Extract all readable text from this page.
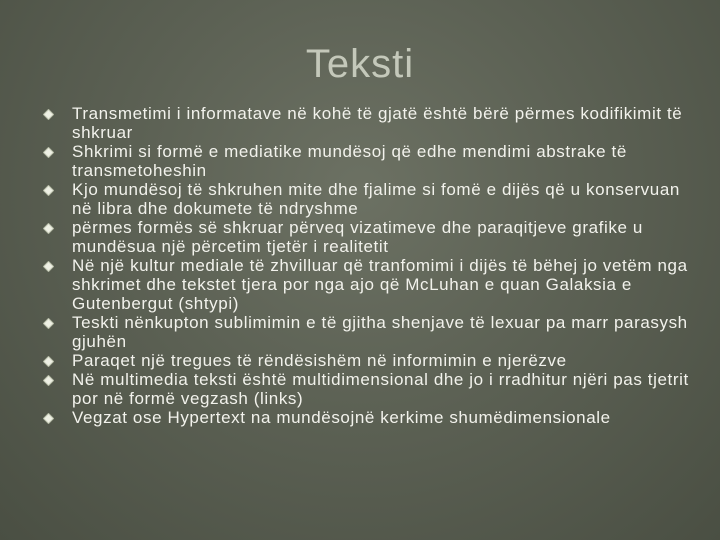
Teksti
Transmetimi i informatave në kohë të gjatë është bërë përmes kodifikimit të shkruar
Shkrimi si formë e mediatike mundësoj që edhe mendimi abstrake të transmetoheshin
Kjo mundësoj të shkruhen mite dhe fjalime si fomë e dijës që u konservuan në libra dhe dokumete të ndryshme
përmes formës së shkruar përveq vizatimeve dhe paraqitjeve grafike u mundësua një përcetim tjetër i realitetit
Në një kultur mediale të zhvilluar që tranfomimi i dijës të bëhej jo vetëm nga shkrimet dhe tekstet tjera por nga ajo që McLuhan e quan Galaksia e Gutenbergut (shtypi)
Teskti nënkupton sublimimin e të gjitha shenjave të lexuar pa marr parasysh gjuhën
Paraqet një tregues të rëndësishëm në informimin e njerëzve
Në multimedia teksti është multidimensional dhe jo i rradhitur njëri pas tjetrit por në formë vegzash (links)
Vegzat ose Hypertext na mundësojnë kerkime shumëdimensionale
